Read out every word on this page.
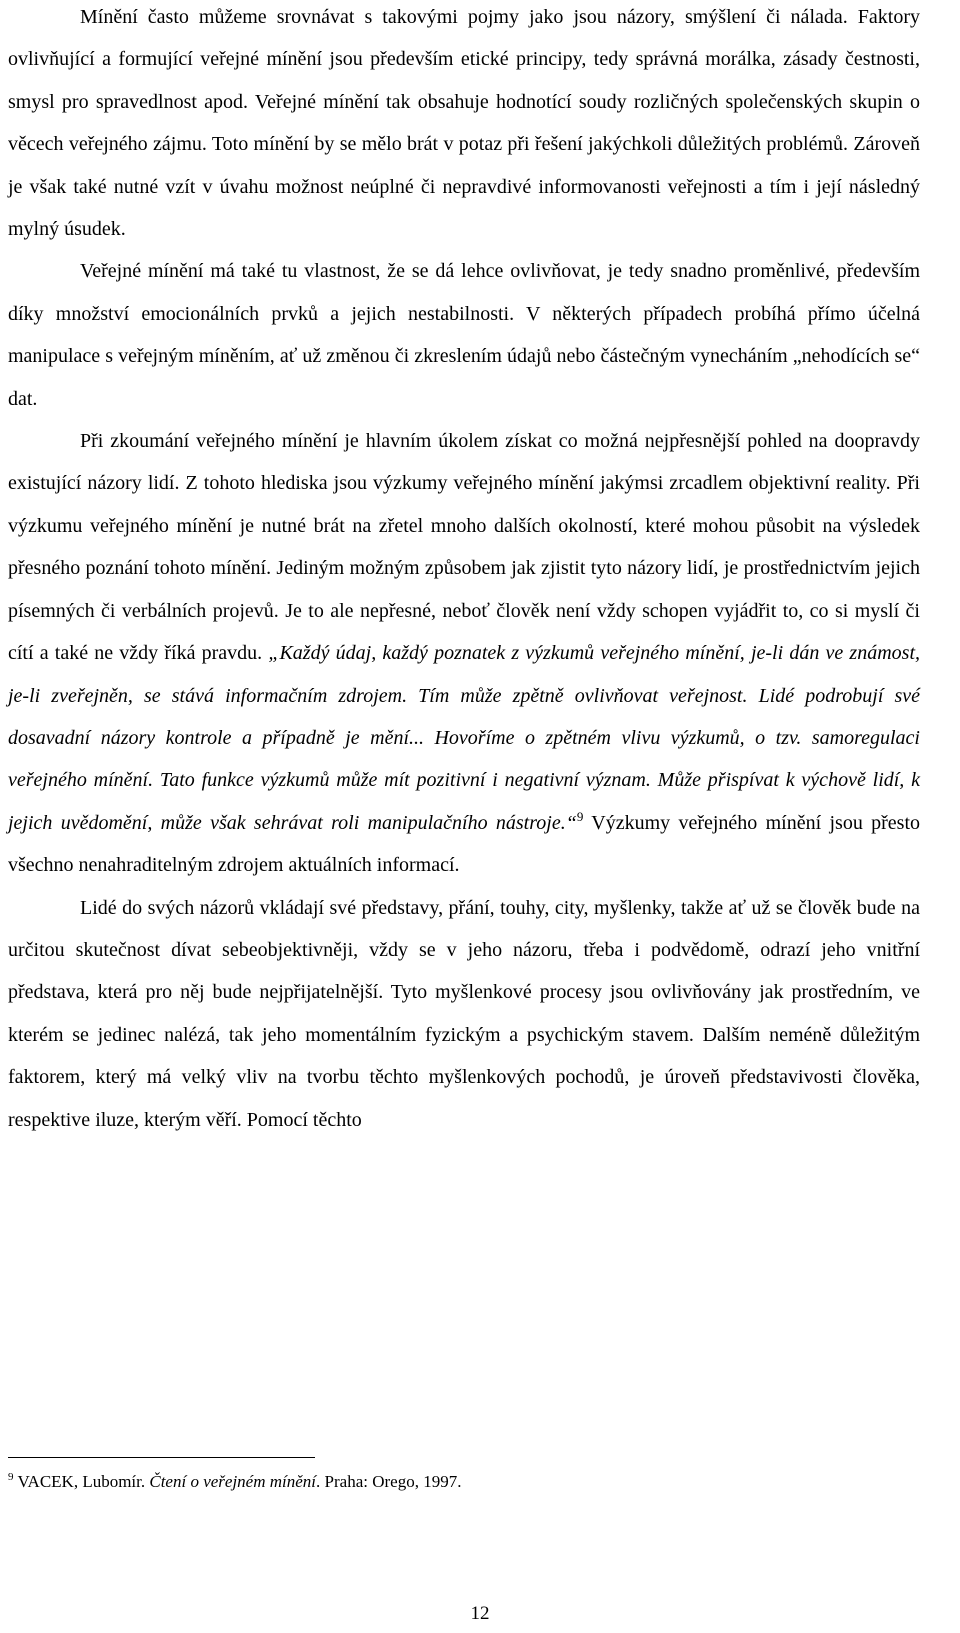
Mínění často můžeme srovnávat s takovými pojmy jako jsou názory, smýšlení či nálada. Faktory ovlivňující a formující veřejné mínění jsou především etické principy, tedy správná morálka, zásady čestnosti, smysl pro spravedlnost apod. Veřejné mínění tak obsahuje hodnotící soudy rozličných společenských skupin o věcech veřejného zájmu. Toto mínění by se mělo brát v potaz při řešení jakýchkoli důležitých problémů. Zároveň je však také nutné vzít v úvahu možnost neúplné či nepravdivé informovanosti veřejnosti a tím i její následný mylný úsudek.

Veřejné mínění má také tu vlastnost, že se dá lehce ovlivňovat, je tedy snadno proměnlivé, především díky množství emocionálních prvků a jejich nestabilnosti. V některých případech probíhá přímo účelná manipulace s veřejným míněním, ať už změnou či zkreslením údajů nebo částečným vynecháním „nehodících se“ dat.

Při zkoumání veřejného mínění je hlavním úkolem získat co možná nejpřesnější pohled na doopravdy existující názory lidí. Z tohoto hlediska jsou výzkumy veřejného mínění jakýmsi zrcadlem objektivní reality. Při výzkumu veřejného mínění je nutné brát na zřetel mnoho dalších okolností, které mohou působit na výsledek přesného poznání tohoto mínění. Jediným možným způsobem jak zjistit tyto názory lidí, je prostřednictvím jejich písemných či verbálních projevů. Je to ale nepřesné, neboť člověk není vždy schopen vyjádřit to, co si myslí či cítí a také ne vždy říká pravdu. „Každý údaj, každý poznatek z výzkumů veřejného mínění, je-li dán ve známost, je-li zveřejněn, se stává informačním zdrojem. Tím může zpětně ovlivňovat veřejnost. Lidé podrobují své dosavadní názory kontrole a případně je mění... Hovoříme o zpětném vlivu výzkumů, o tzv. samoregulaci veřejného mínění. Tato funkce výzkumů může mít pozitivní i negativní význam. Může přispívat k výchově lidí, k jejich uvědomění, může však sehrávat roli manipulačního nástroje.“$^9$ Výzkumy veřejného mínění jsou přesto všechno nenahraditelným zdrojem aktuálních informací.

Lidé do svých názorů vkládají své představy, přání, touhy, city, myšlenky, takže ať už se člověk bude na určitou skutečnost dívat sebeobjektivněji, vždy se v jeho názoru, třeba i podvědomě, odrazí jeho vnitřní představa, která pro něj bude nejpřijatelnější. Tyto myšlenkové procesy jsou ovlivňovány jak prostředním, ve kterém se jedinec nalézá, tak jeho momentálním fyzickým a psychickým stavem. Dalším neméně důležitým faktorem, který má velký vliv na tvorbu těchto myšlenkových pochodů, je úroveň představivosti člověka, respektive iluze, kterým věří. Pomocí těchto

$^9$ VACEK, Lubomír. Čtení o veřejném mínění. Praha: Orego, 1997.
12
